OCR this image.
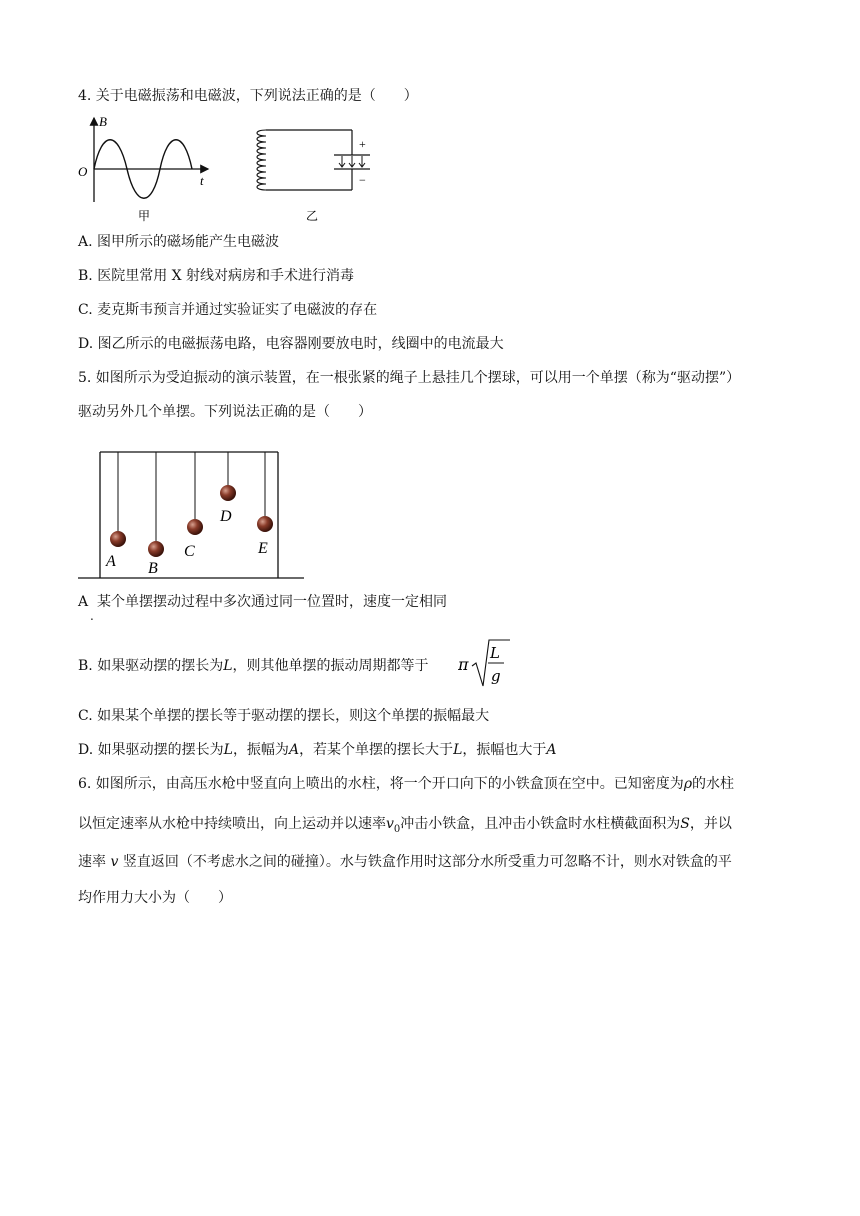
4. 关于电磁振荡和电磁波，下列说法正确的是（　　）
B
t
O
甲
+
−
乙
A. 图甲所示的磁场能产生电磁波
B. 医院里常用 X 射线对病房和手术进行消毒
C. 麦克斯韦预言并通过实验证实了电磁波的存在
D. 图乙所示的电磁振荡电路，电容器刚要放电时，线圈中的电流最大
5. 如图所示为受迫振动的演示装置，在一根张紧的绳子上悬挂几个摆球，可以用一个单摆（称为“驱动摆”）
驱动另外几个单摆。下列说法正确的是（　　）
A B
C
D
E
A 某个单摆摆动过程中多次通过同一位置时，速度一定相同
.
B. 如果驱动摆的摆长为L，则其他单摆的振动周期都等于 π
L
g
C. 如果某个单摆的摆长等于驱动摆的摆长，则这个单摆的振幅最大
D. 如果驱动摆的摆长为L，振幅为A，若某个单摆的摆长大于L，振幅也大于A
6. 如图所示，由高压水枪中竖直向上喷出的水柱，将一个开口向下的小铁盒顶在空中。已知密度为ρ的水柱
以恒定速率从水枪中持续喷出，向上运动并以速率$v_0$冲击小铁盒，且冲击小铁盒时水柱横截面积为S，并以
速率 v 竖直返回（不考虑水之间的碰撞）。水与铁盒作用时这部分水所受重力可忽略不计，则水对铁盒的平
均作用力大小为（　　）
